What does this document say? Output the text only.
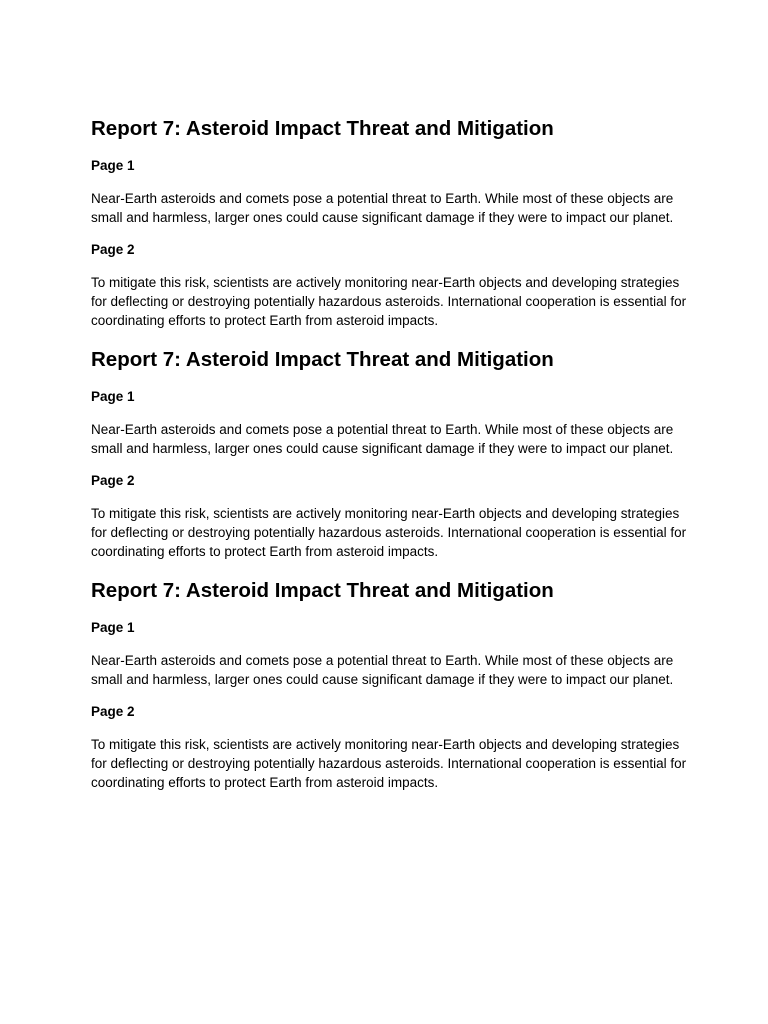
Report 7: Asteroid Impact Threat and Mitigation
Page 1

Near-Earth asteroids and comets pose a potential threat to Earth. While most of these objects are small and harmless, larger ones could cause significant damage if they were to impact our planet.

Page 2

To mitigate this risk, scientists are actively monitoring near-Earth objects and developing strategies for deflecting or destroying potentially hazardous asteroids. International cooperation is essential for coordinating efforts to protect Earth from asteroid impacts.

Report 7: Asteroid Impact Threat and Mitigation
Page 1

Near-Earth asteroids and comets pose a potential threat to Earth. While most of these objects are small and harmless, larger ones could cause significant damage if they were to impact our planet.

Page 2

To mitigate this risk, scientists are actively monitoring near-Earth objects and developing strategies for deflecting or destroying potentially hazardous asteroids. International cooperation is essential for coordinating efforts to protect Earth from asteroid impacts.

Report 7: Asteroid Impact Threat and Mitigation
Page 1

Near-Earth asteroids and comets pose a potential threat to Earth. While most of these objects are small and harmless, larger ones could cause significant damage if they were to impact our planet.

Page 2

To mitigate this risk, scientists are actively monitoring near-Earth objects and developing strategies for deflecting or destroying potentially hazardous asteroids. International cooperation is essential for coordinating efforts to protect Earth from asteroid impacts.
